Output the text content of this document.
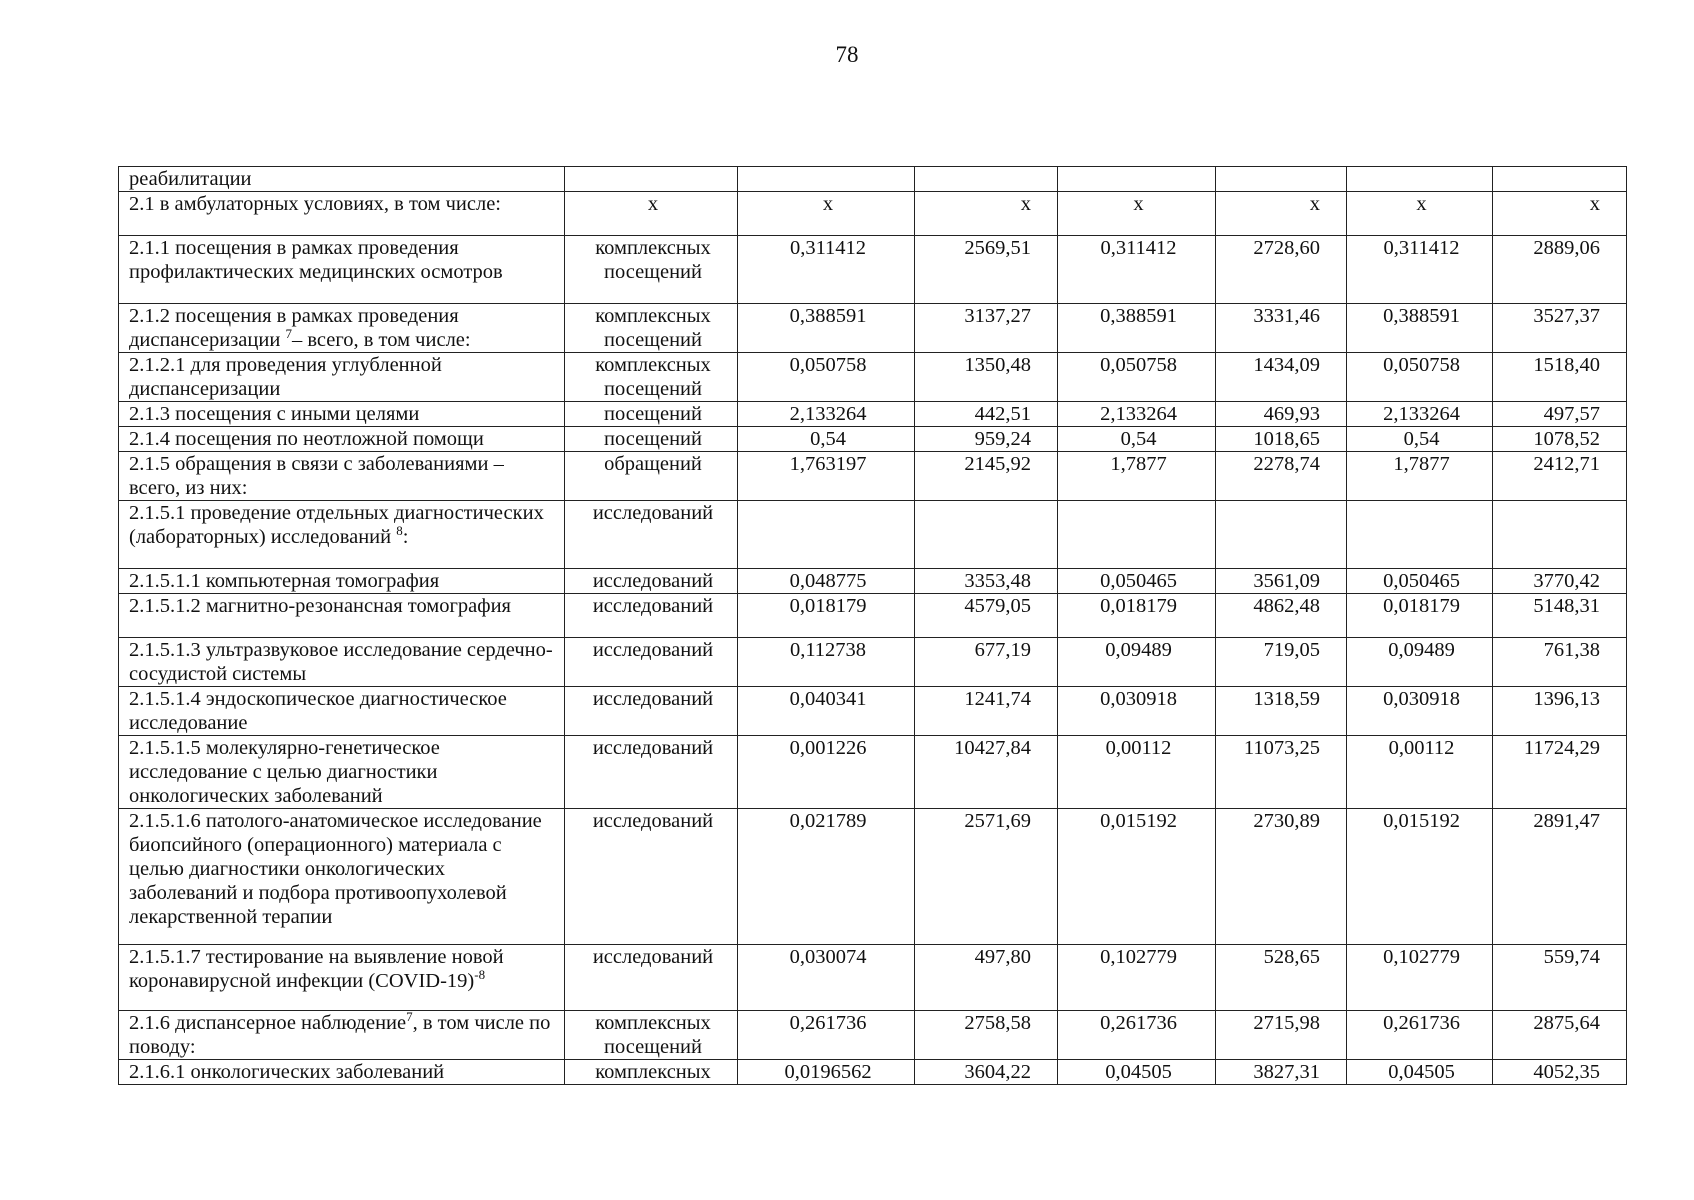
78
реабилитации							
2.1 в амбулаторных условиях, в том числе:	х	х	х	х	х	х	х
2.1.1 посещения в рамках проведения профилактических медицинских осмотров	комплексных посещений	0,311412	2569,51	0,311412	2728,60	0,311412	2889,06
2.1.2 посещения в рамках проведения диспансеризации $^7$– всего, в том числе:	комплексных посещений	0,388591	3137,27	0,388591	3331,46	0,388591	3527,37
2.1.2.1 для проведения углубленной диспансеризации	комплексных посещений	0,050758	1350,48	0,050758	1434,09	0,050758	1518,40
2.1.3 посещения с иными целями	посещений	2,133264	442,51	2,133264	469,93	2,133264	497,57
2.1.4 посещения по неотложной помощи	посещений	0,54	959,24	0,54	1018,65	0,54	1078,52
2.1.5 обращения в связи с заболеваниями – всего, из них:	обращений	1,763197	2145,92	1,7877	2278,74	1,7877	2412,71
2.1.5.1 проведение отдельных диагностических (лабораторных) исследований $^8$:	исследований						
2.1.5.1.1 компьютерная томография	исследований	0,048775	3353,48	0,050465	3561,09	0,050465	3770,42
2.1.5.1.2 магнитно-резонансная томография	исследований	0,018179	4579,05	0,018179	4862,48	0,018179	5148,31
2.1.5.1.3 ультразвуковое исследование сердечно-сосудистой системы	исследований	0,112738	677,19	0,09489	719,05	0,09489	761,38
2.1.5.1.4 эндоскопическое диагностическое исследование	исследований	0,040341	1241,74	0,030918	1318,59	0,030918	1396,13
2.1.5.1.5 молекулярно-генетическое исследование с целью диагностики онкологических заболеваний	исследований	0,001226	10427,84	0,00112	11073,25	0,00112	11724,29
2.1.5.1.6 патолого-анатомическое исследование биопсийного (операционного) материала с целью диагностики онкологических заболеваний и подбора противоопухолевой лекарственной терапии	исследований	0,021789	2571,69	0,015192	2730,89	0,015192	2891,47
2.1.5.1.7 тестирование на выявление новой коронавирусной инфекции (COVID-19)$^{-8}$	исследований	0,030074	497,80	0,102779	528,65	0,102779	559,74
2.1.6 диспансерное наблюдение$^7$, в том числе по поводу:	комплексных посещений	0,261736	2758,58	0,261736	2715,98	0,261736	2875,64
2.1.6.1 онкологических заболеваний	комплексных	0,0196562	3604,22	0,04505	3827,31	0,04505	4052,35
